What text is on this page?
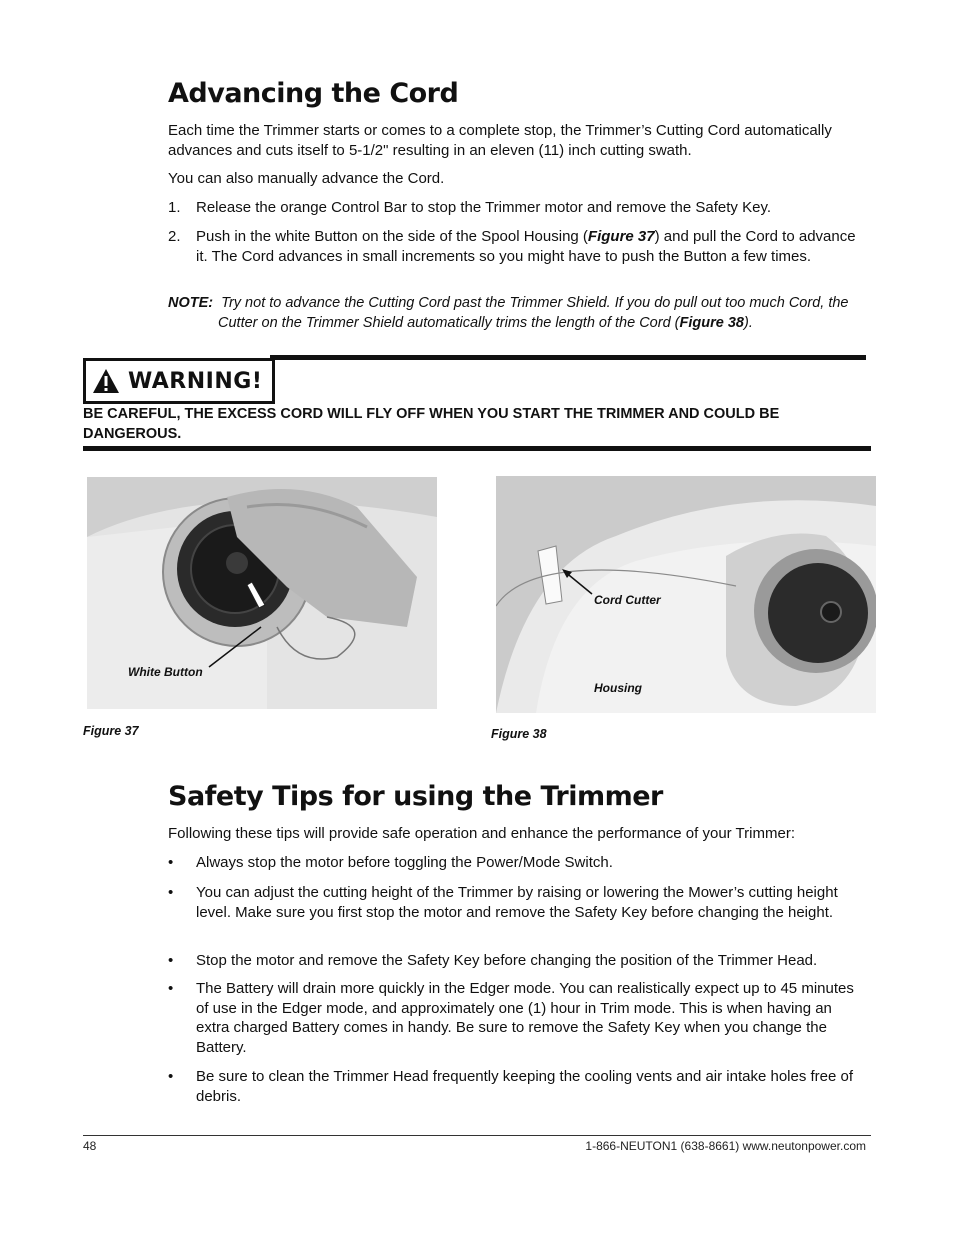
Advancing the Cord

Each time the Trimmer starts or comes to a complete stop, the Trimmer’s Cutting Cord automatically advances and cuts itself to 5-1/2" resulting in an eleven (11) inch cutting swath.

You can also manually advance the Cord.

1. Release the orange Control Bar to stop the Trimmer motor and remove the Safety Key.
2. Push in the white Button on the side of the Spool Housing (Figure 37) and pull the Cord to advance it. The Cord advances in small increments so you might have to push the Button a few times.
NOTE: Try not to advance the Cutting Cord past the Trimmer Shield. If you do pull out too much Cord, the
Cutter on the Trimmer Shield automatically trims the length of the Cord (Figure 38).
WARNING!
BE CAREFUL, THE EXCESS CORD WILL FLY OFF WHEN YOU START THE TRIMMER AND COULD BE DANGEROUS.
White Button
Figure 37
Cord Cutter
Housing
Figure 38
Safety Tips for using the Trimmer

Following these tips will provide safe operation and enhance the performance of your Trimmer:

• Always stop the motor before toggling the Power/Mode Switch.
• You can adjust the cutting height of the Trimmer by raising or lowering the Mower’s cutting height level. Make sure you first stop the motor and remove the Safety Key before changing the height.
• Stop the motor and remove the Safety Key before changing the position of the Trimmer Head.
• The Battery will drain more quickly in the Edger mode. You can realistically expect up to 45 minutes of use in the Edger mode, and approximately one (1) hour in Trim mode. This is when having an extra charged Battery comes in handy. Be sure to remove the Safety Key when you change the Battery.
• Be sure to clean the Trimmer Head frequently keeping the cooling vents and air intake holes free of debris.
48	1-866-NEUTON1 (638-8661) www.neutonpower.com
